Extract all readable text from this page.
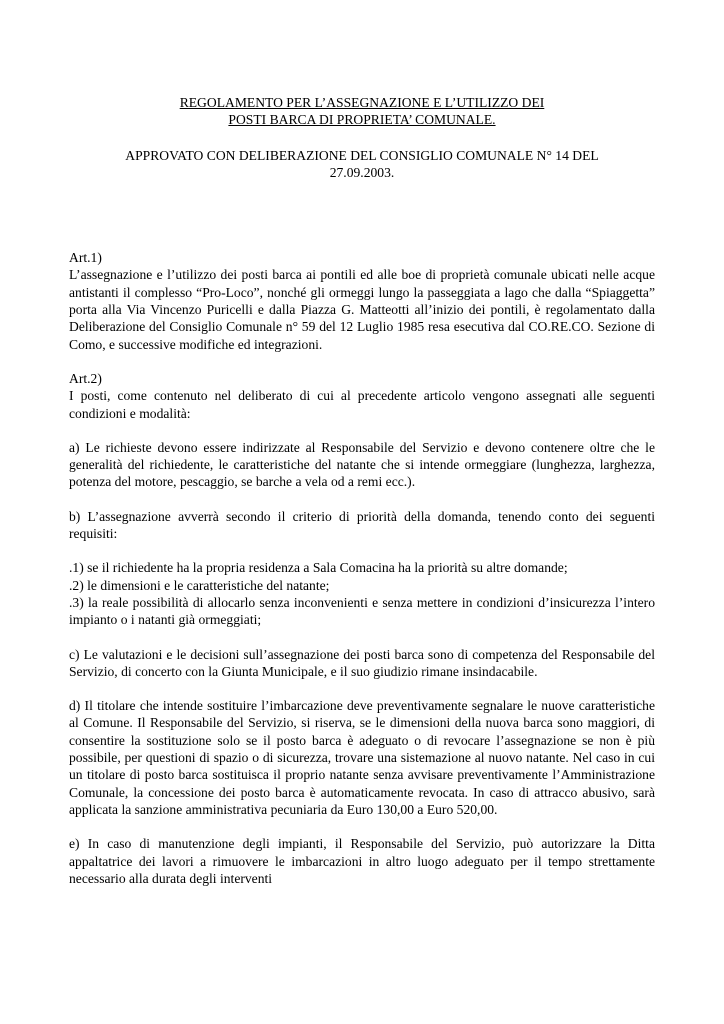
REGOLAMENTO PER L’ASSEGNAZIONE E L’UTILIZZO DEI
POSTI BARCA DI PROPRIETA’ COMUNALE.
APPROVATO CON DELIBERAZIONE DEL CONSIGLIO COMUNALE N° 14 DEL
27.09.2003.
Art.1)

L’assegnazione e l’utilizzo dei posti barca ai pontili ed alle boe di proprietà comunale ubicati nelle acque antistanti il complesso “Pro-Loco”, nonché gli ormeggi lungo la passeggiata a lago che dalla “Spiaggetta” porta alla Via Vincenzo Puricelli e dalla Piazza G. Matteotti all’inizio dei pontili, è regolamentato dalla Deliberazione del Consiglio Comunale n° 59 del 12 Luglio 1985 resa esecutiva dal CO.RE.CO. Sezione di Como, e successive modifiche ed integrazioni.

Art.2)

I posti, come contenuto nel deliberato di cui al precedente articolo vengono assegnati alle seguenti condizioni e modalità:

a) Le richieste devono essere indirizzate al Responsabile del Servizio e devono contenere oltre che le generalità del richiedente, le caratteristiche del natante che si intende ormeggiare (lunghezza, larghezza, potenza del motore, pescaggio, se barche a vela od a remi ecc.).

b) L’assegnazione avverrà secondo il criterio di priorità della domanda, tenendo conto dei seguenti requisiti:

.1) se il richiedente ha la propria residenza a Sala Comacina ha la priorità su altre domande;
.2) le dimensioni e le caratteristiche del natante;

.3) la reale possibilità di allocarlo senza inconvenienti e senza mettere in condizioni d’insicurezza l’intero impianto o i natanti già ormeggiati;

c) Le valutazioni e le decisioni sull’assegnazione dei posti barca sono di competenza del Responsabile del Servizio, di concerto con la Giunta Municipale, e il suo giudizio rimane insindacabile.

d) Il titolare che intende sostituire l’imbarcazione deve preventivamente segnalare le nuove caratteristiche al Comune. Il Responsabile del Servizio, si riserva, se le dimensioni della nuova barca sono maggiori, di consentire la sostituzione solo se il posto barca è adeguato o di revocare l’assegnazione se non è più possibile, per questioni di spazio o di sicurezza, trovare una sistemazione al nuovo natante. Nel caso in cui un titolare di posto barca sostituisca il proprio natante senza avvisare preventivamente l’Amministrazione Comunale, la concessione dei posto barca è automaticamente revocata. In caso di attracco abusivo, sarà applicata la sanzione amministrativa pecuniaria da Euro 130,00 a Euro 520,00.

e) In caso di manutenzione degli impianti, il Responsabile del Servizio, può autorizzare la Ditta appaltatrice dei lavori a rimuovere le imbarcazioni in altro luogo adeguato per il tempo strettamente necessario alla durata degli interventi
